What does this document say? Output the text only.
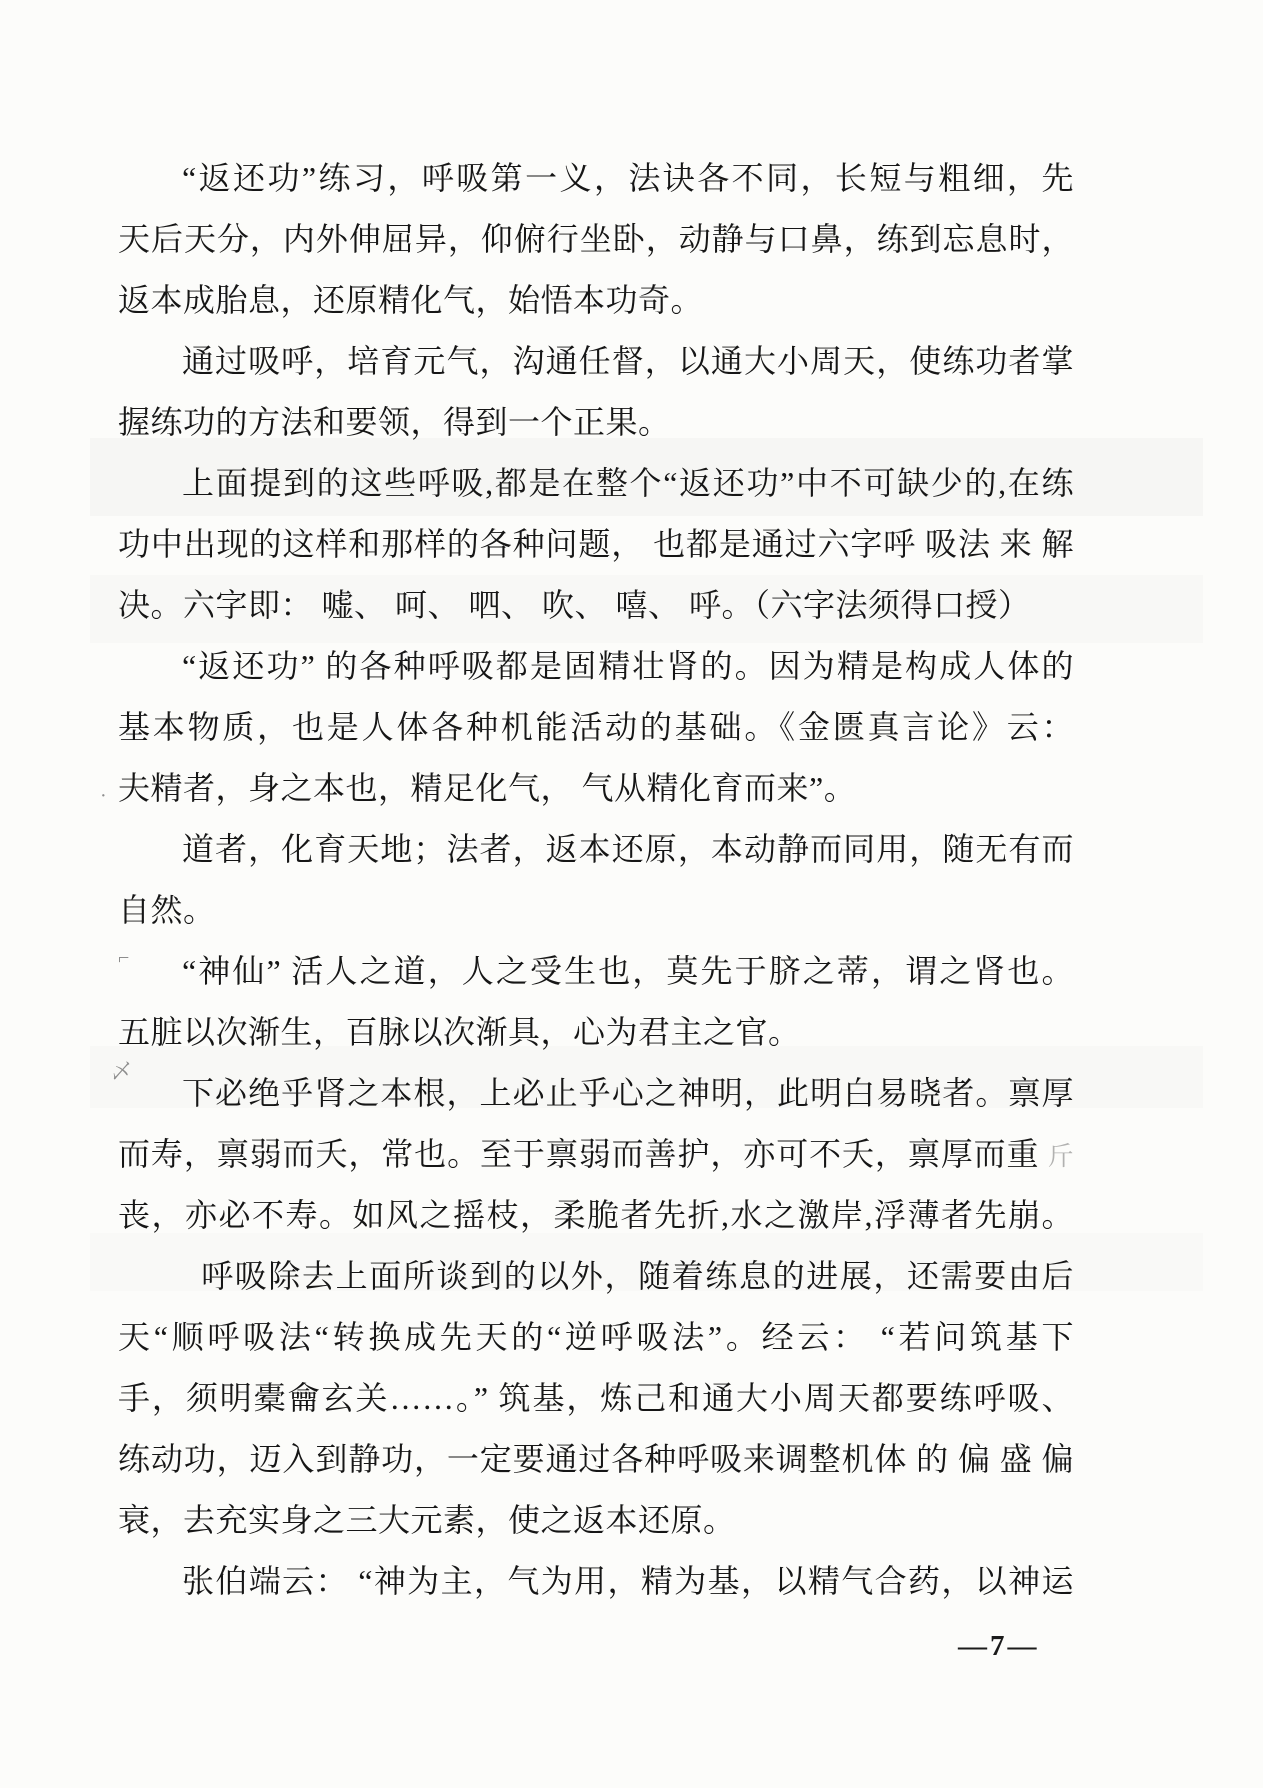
“返还功”练习，呼吸第一义，法诀各不同，长短与粗细，先
天后天分，内外伸屈异，仰俯行坐卧，动静与口鼻，练到忘息时，
返本成胎息，还原精化气，始悟本功奇。
通过吸呼，培育元气，沟通任督，以通大小周天，使练功者掌
握练功的方法和要领，得到一个正果。
上面提到的这些呼吸,都是在整个“返还功”中不可缺少的,在练
功中出现的这样和那样的各种问题， 也都是通过六字呼 吸法 来 解
决。六字即： 嘘、 呵、 呬、 吹、 嘻、 呼。（六字法须得口授）
“返还功” 的各种呼吸都是固精壮肾的。因为精是构成人体的
基本物质，也是人体各种机能活动的基础。《金匮真言论》云：
夫精者，身之本也，精足化气， 气从精化育而来”。
道者，化育天地；法者，返本还原，本动静而同用，随无有而
自然。
“神仙” 活人之道，人之受生也，莫先于脐之蒂，谓之肾也。
五脏以次渐生，百脉以次渐具，心为君主之官。
下必绝乎肾之本根，上必止乎心之神明，此明白易晓者。禀厚
而寿，禀弱而夭，常也。至于禀弱而善护，亦可不夭，禀厚而重 斤
丧，亦必不寿。如风之摇枝，柔脆者先折,水之激岸,浮薄者先崩。
呼吸除去上面所谈到的以外，随着练息的进展，还需要由后
天“顺呼吸法“转换成先天的“逆呼吸法”。经云： “若问筑基下
手，须明橐龠玄关……。” 筑基，炼己和通大小周天都要练呼吸、
练动功，迈入到静功，一定要通过各种呼吸来调整机体 的 偏 盛 偏
衰，去充实身之三大元素，使之返本还原。
张伯端云： “神为主，气为用，精为基，以精气合药，以神运
·
⌐
乄
—7—
